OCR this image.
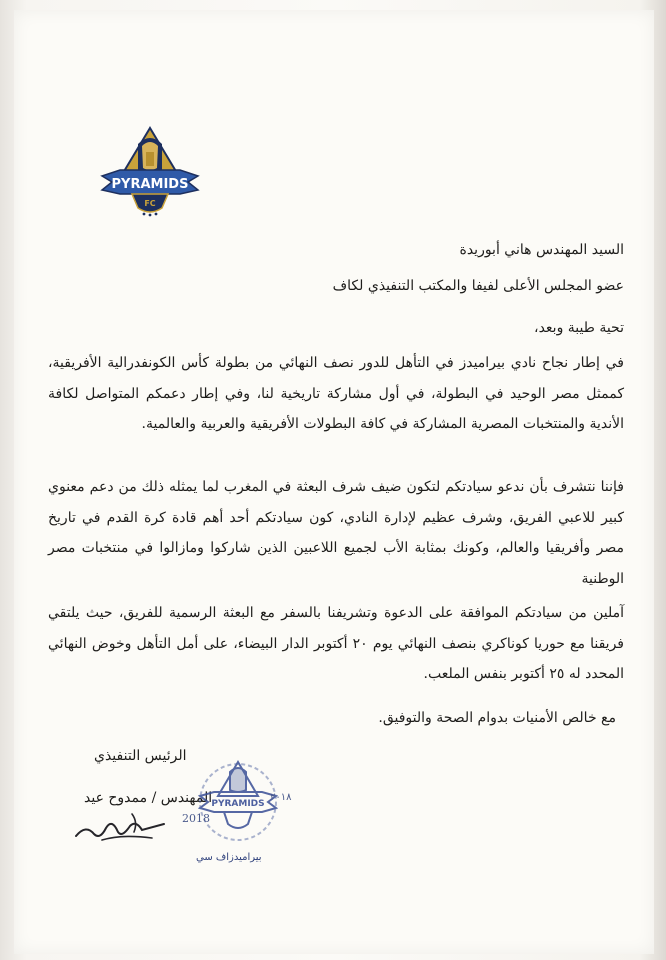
PYRAMIDS
FC
السيد المهندس هاني أبوريدة
عضو المجلس الأعلى لفيفا والمكتب التنفيذي لكاف
تحية طيبة وبعد،
في إطار نجاح نادي بيراميدز في التأهل للدور نصف النهائي من بطولة كأس الكونفدرالية الأفريقية، كممثل مصر الوحيد في البطولة، في أول مشاركة تاريخية لنا، وفي إطار دعمكم المتواصل لكافة الأندية والمنتخبات المصرية المشاركة في كافة البطولات الأفريقية والعربية والعالمية.
فإننا نتشرف بأن ندعو سيادتكم لتكون ضيف شرف البعثة في المغرب لما يمثله ذلك من دعم معنوي كبير للاعبي الفريق، وشرف عظيم لإدارة النادي، كون سيادتكم أحد أهم قادة كرة القدم في تاريخ مصر وأفريقيا والعالم، وكونك بمثابة الأب لجميع اللاعبين الذين شاركوا ومازالوا في منتخبات مصر الوطنية
آملين من سيادتكم الموافقة على الدعوة وتشريفنا بالسفر مع البعثة الرسمية للفريق، حيث يلتقي فريقنا مع حوريا كوناكري بنصف النهائي يوم ٢٠ أكتوبر الدار البيضاء، على أمل التأهل وخوض النهائي المحدد له ٢٥ أكتوبر بنفس الملعب.
مع خالص الأمنيات بدوام الصحة والتوفيق.
الرئيس التنفيذي
المهندس / ممدوح عيد PYRAMIDS
2018
٢٠١٨
بيراميدزاف سي
